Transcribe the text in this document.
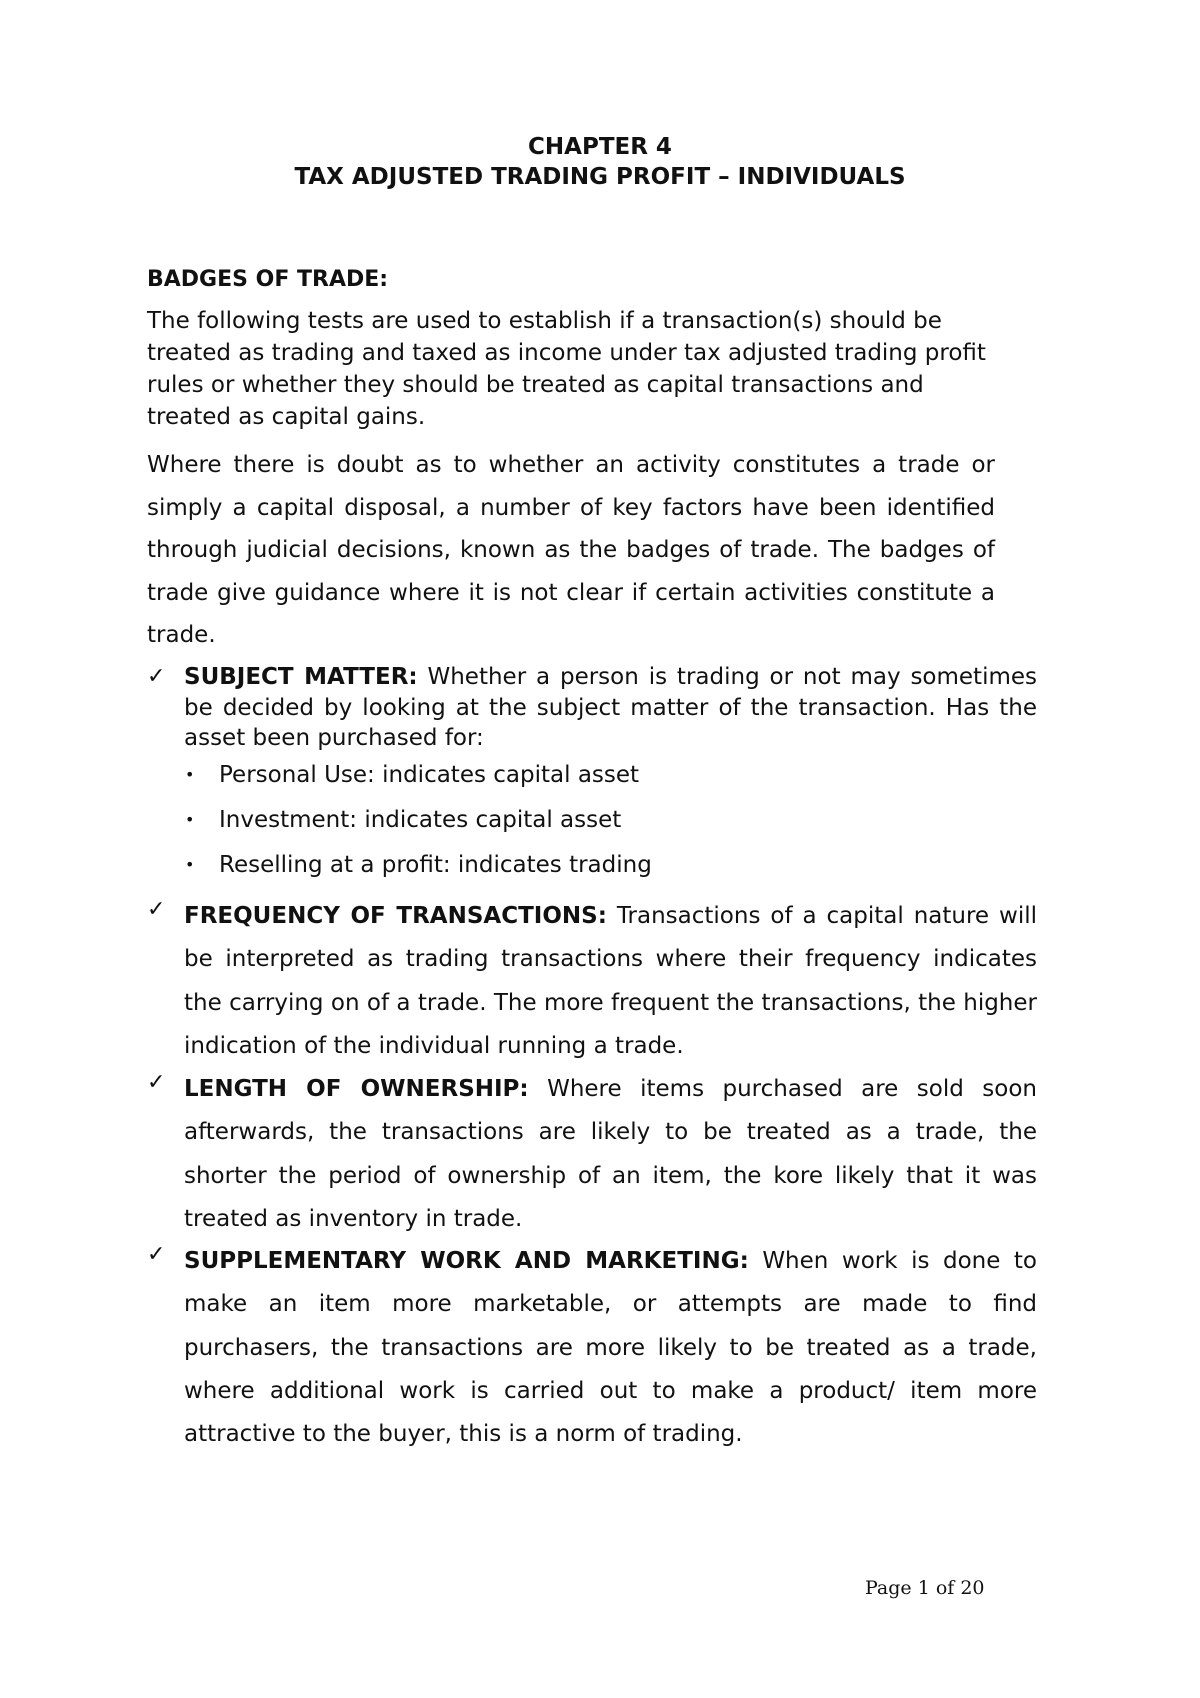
CHAPTER 4
TAX ADJUSTED TRADING PROFIT – INDIVIDUALS
BADGES OF TRADE:
The following tests are used to establish if a transaction(s) should be treated as trading and taxed as income under tax adjusted trading profit rules or whether they should be treated as capital transactions and treated as capital gains.
Where there is doubt as to whether an activity constitutes a trade or simply a capital disposal, a number of key factors have been identified through judicial decisions, known as the badges of trade. The badges of trade give guidance where it is not clear if certain activities constitute a trade.
✓ SUBJECT MATTER: Whether a person is trading or not may sometimes be decided by looking at the subject matter of the transaction. Has the asset been purchased for:
• Personal Use: indicates capital asset
• Investment: indicates capital asset
• Reselling at a profit: indicates trading
✓ FREQUENCY OF TRANSACTIONS: Transactions of a capital nature will be interpreted as trading transactions where their frequency indicates the carrying on of a trade. The more frequent the transactions, the higher indication of the individual running a trade.
✓ LENGTH OF OWNERSHIP: Where items purchased are sold soon afterwards, the transactions are likely to be treated as a trade, the shorter the period of ownership of an item, the kore likely that it was treated as inventory in trade.
✓ SUPPLEMENTARY WORK AND MARKETING: When work is done to make an item more marketable, or attempts are made to find purchasers, the transactions are more likely to be treated as a trade, where additional work is carried out to make a product/ item more attractive to the buyer, this is a norm of trading.
Page 1 of 20
